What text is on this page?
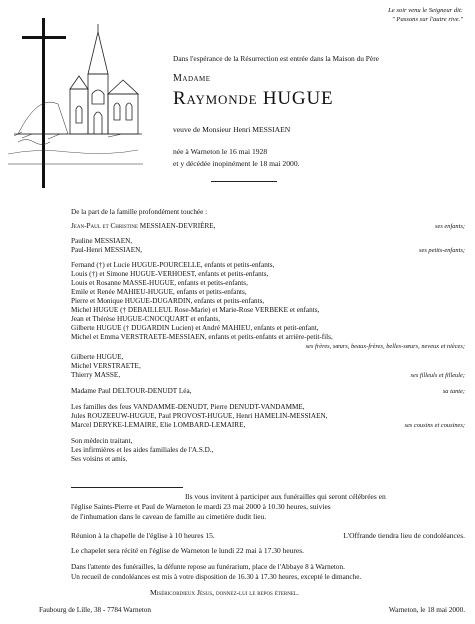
Le soir venu le Seigneur dit:
" Passons sur l'autre rive."
Dans l'espérance de la Résurrection est entrée dans la Maison du Père
Madame
Raymonde HUGUE
veuve de Monsieur Henri MESSIAEN
née à Warneton le 16 mai 1928
et y décédée inopinément le 18 mai 2000.
De la part de la famille profondément touchée :
Jean-Paul et Christine MESSIAEN-DEVRIÈRE,	ses enfants;
Pauline MESSIAEN,
Paul-Henri MESSIAEN,	ses petits-enfants;
Fernand (†) et Lucie HUGUE-POURCELLE, enfants et petits-enfants,
Louis (†) et Simone HUGUE-VERHOEST, enfants et petits-enfants,
Louis et Rosanne MASSE-HUGUE, enfants et petits-enfants,
Emile et Renée MAHIEU-HUGUE, enfants et petits-enfants,
Pierre et Monique HUGUE-DUGARDIN, enfants et petits-enfants,
Michel HUGUE († DEBAILLEUL Rose-Marie) et Marie-Rose VERBEKE et enfants,
Jean et Thérèse HUGUE-CNOCQUART et enfants,
Gilberte HUGUE († DUGARDIN Lucien) et André MAHIEU, enfants et petit-enfant,
Michel et Emma VERSTRAETE-MESSIAEN, enfants et petits-enfants et arrière-petit-fils,
ses frères, sœurs, beaux-frères, belles-sœurs, neveux et nièces;
Gilberte HUGUE,
Michel VERSTRAETE,
Thierry MASSE,	ses filleuls et filleule;
Madame Paul DELTOUR-DENUDT Léa,	sa tante;
Les familles des feus VANDAMME-DENUDT, Pierre DENUDT-VANDAMME,
Jules ROUZEEUW-HUGUE, Paul PROVOST-HUGUE, Henri HAMELIN-MESSIAEN,
Marcel DERYKE-LEMAIRE, Elie LOMBARD-LEMAIRE,	ses cousins et cousines;
Son médecin traitant,
Les infirmières et les aides familiales de l'A.S.D.,
Ses voisins et amis.
Ils vous invitent à participer aux funérailles qui seront célébrées en
l'église Saints-Pierre et Paul de Warneton le mardi 23 mai 2000 à 10.30 heures, suivies
de l'inhumation dans le caveau de famille au cimetière dudit lieu.
Réunion à la chapelle de l'église à 10 heures 15.	L'Offrande tiendra lieu de condoléances.
Le chapelet sera récité en l'église de Warneton le lundi 22 mai à 17.30 heures.
Dans l'attente des funérailles, la défunte repose au funérarium, place de l'Abbaye 8 à Warneton.
Un recueil de condoléances est mis à votre disposition de 16.30 à 17.30 heures, excepté le dimanche.
Miséricordieux Jésus, donnez-lui le repos éternel.
Faubourg de Lille, 38 - 7784 Warneton	Warneton, le 18 mai 2000.
